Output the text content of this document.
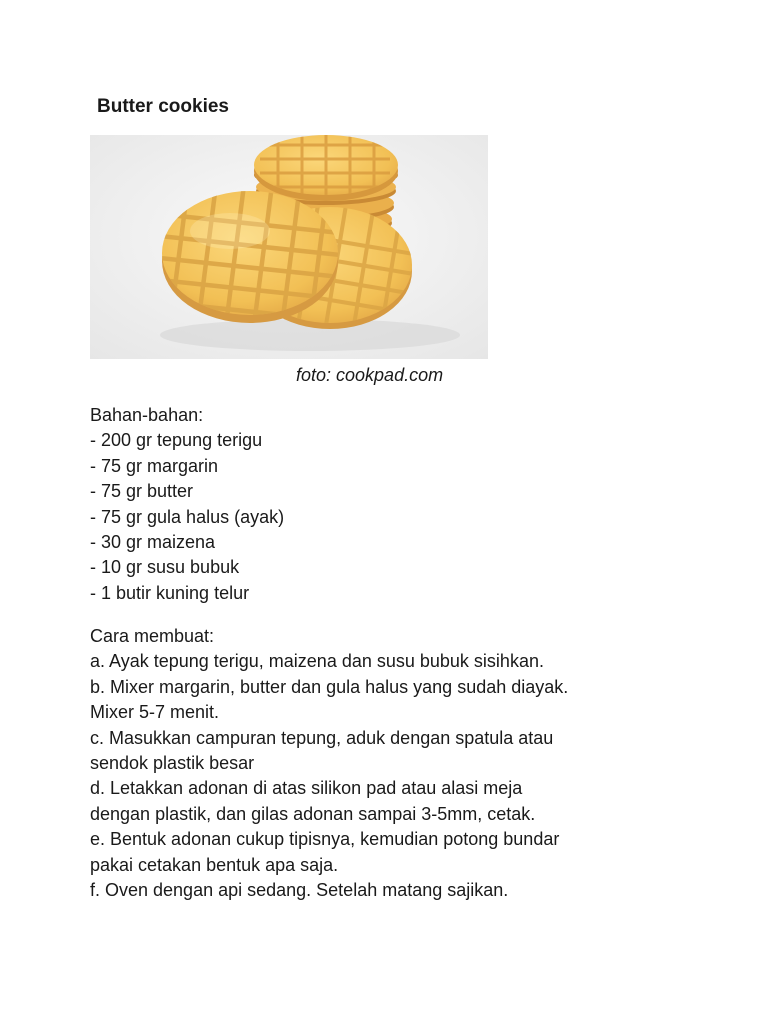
Butter cookies
foto: cookpad.com
Bahan-bahan:
- 200 gr tepung terigu
- 75 gr margarin
- 75 gr butter
- 75 gr gula halus (ayak)
- 30 gr maizena
- 10 gr susu bubuk
- 1 butir kuning telur
Cara membuat:
a. Ayak tepung terigu, maizena dan susu bubuk sisihkan.
b. Mixer margarin, butter dan gula halus yang sudah diayak.
Mixer 5-7 menit.
c. Masukkan campuran tepung, aduk dengan spatula atau
sendok plastik besar
d. Letakkan adonan di atas silikon pad atau alasi meja
dengan plastik, dan gilas adonan sampai 3-5mm, cetak.
e. Bentuk adonan cukup tipisnya, kemudian potong bundar
pakai cetakan bentuk apa saja.
f. Oven dengan api sedang. Setelah matang sajikan.
